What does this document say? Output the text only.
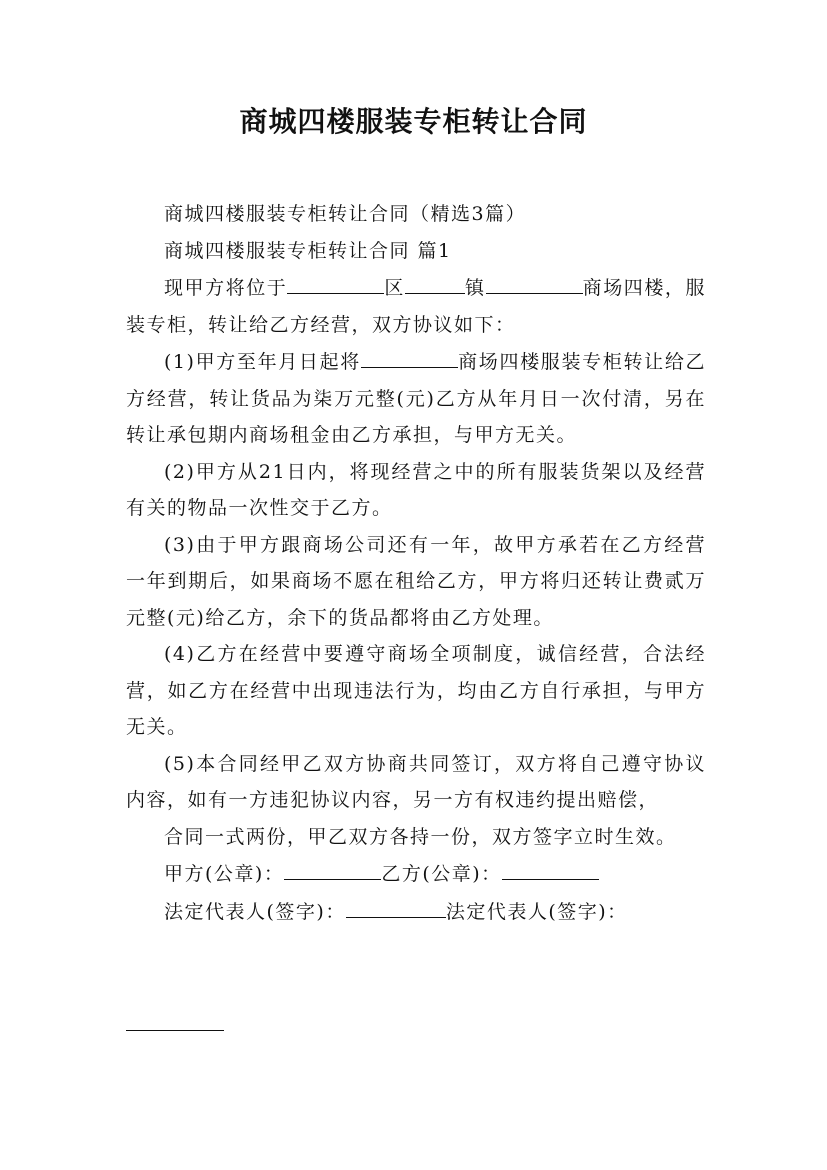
商城四楼服装专柜转让合同

商城四楼服装专柜转让合同（精选3篇）

商城四楼服装专柜转让合同 篇1

现甲方将位于	区	镇	商场四楼，服装专柜，转让给乙方经营，双方协议如下：

(1)甲方至年月日起将	商场四楼服装专柜转让给乙方经营，转让货品为柒万元整(元)乙方从年月日一次付清，另在转让承包期内商场租金由乙方承担，与甲方无关。

(2)甲方从21日内，将现经营之中的所有服装货架以及经营有关的物品一次性交于乙方。

(3)由于甲方跟商场公司还有一年，故甲方承若在乙方经营一年到期后，如果商场不愿在租给乙方，甲方将归还转让费贰万元整(元)给乙方，余下的货品都将由乙方处理。

(4)乙方在经营中要遵守商场全项制度，诚信经营，合法经营，如乙方在经营中出现违法行为，均由乙方自行承担，与甲方无关。

(5)本合同经甲乙双方协商共同签订，双方将自己遵守协议内容，如有一方违犯协议内容，另一方有权违约提出赔偿，

合同一式两份，甲乙双方各持一份，双方签字立时生效。

甲方(公章)：	乙方(公章)：

法定代表人(签字)：	法定代表人(签字)：
